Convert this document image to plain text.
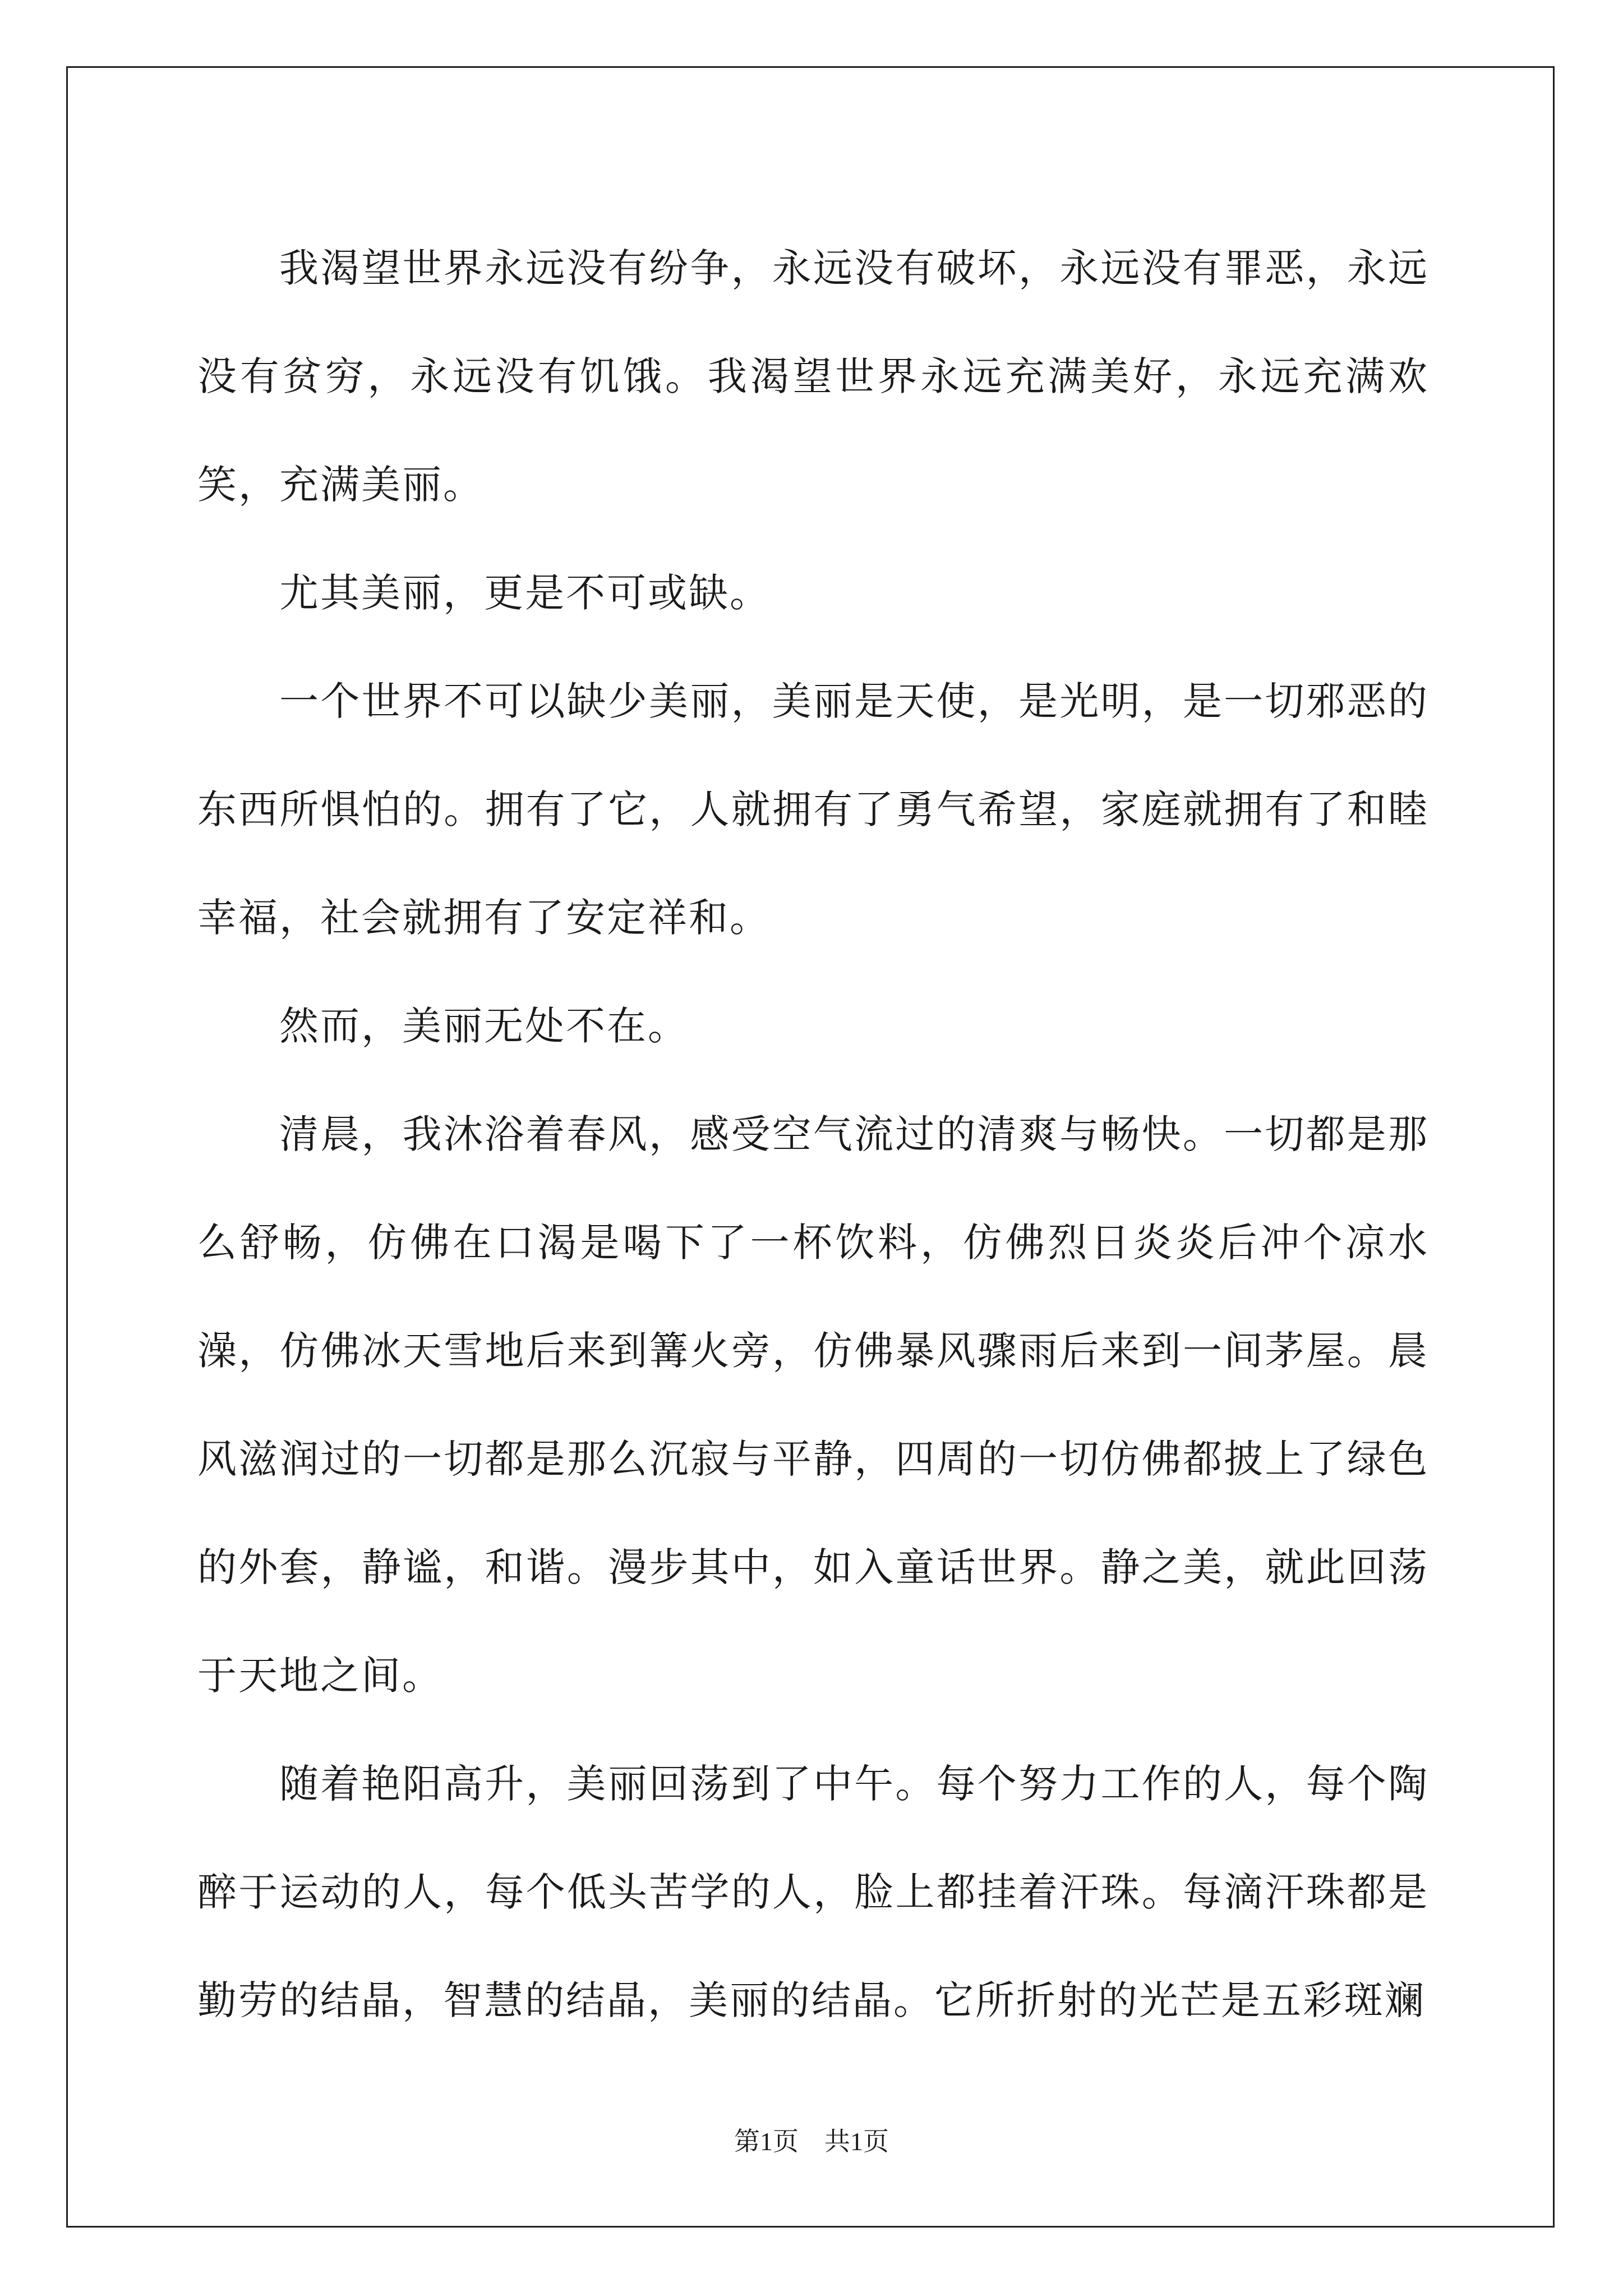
我渴望世界永远没有纷争，永远没有破坏，永远没有罪恶，永远没有贫穷，永远没有饥饿。我渴望世界永远充满美好，永远充满欢笑，充满美丽。

尤其美丽，更是不可或缺。

一个世界不可以缺少美丽，美丽是天使，是光明，是一切邪恶的东西所惧怕的。拥有了它，人就拥有了勇气希望，家庭就拥有了和睦幸福，社会就拥有了安定祥和。

然而，美丽无处不在。

清晨，我沐浴着春风，感受空气流过的清爽与畅快。一切都是那么舒畅，仿佛在口渴是喝下了一杯饮料，仿佛烈日炎炎后冲个凉水澡，仿佛冰天雪地后来到篝火旁，仿佛暴风骤雨后来到一间茅屋。晨风滋润过的一切都是那么沉寂与平静，四周的一切仿佛都披上了绿色的外套，静谧，和谐。漫步其中，如入童话世界。静之美，就此回荡于天地之间。

随着艳阳高升，美丽回荡到了中午。每个努力工作的人，每个陶醉于运动的人，每个低头苦学的人，脸上都挂着汗珠。每滴汗珠都是勤劳的结晶，智慧的结晶，美丽的结晶。它所折射的光芒是五彩斑斓

第1页 共1页
